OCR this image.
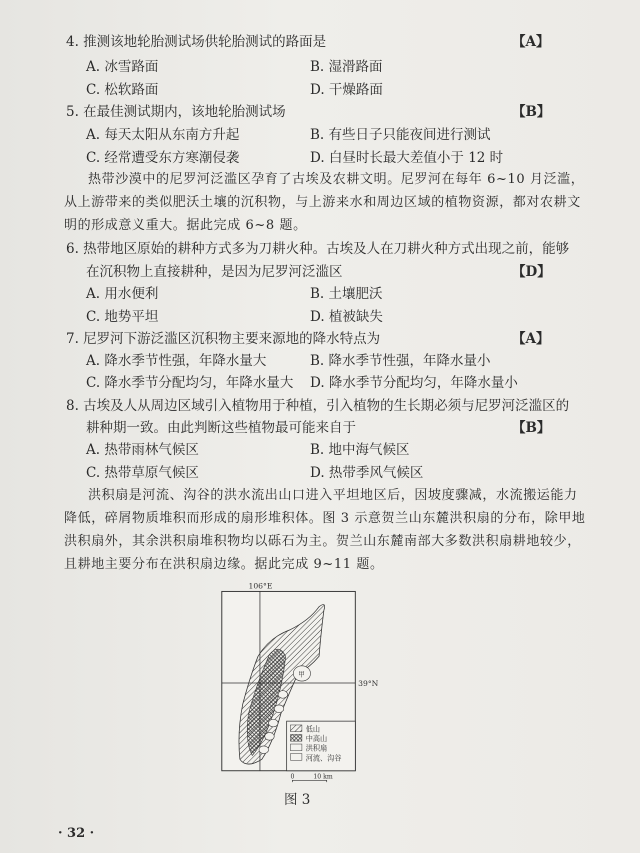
4. 推测该地轮胎测试场供轮胎测试的路面是	【A】
A. 冰雪路面	B. 湿滑路面
C. 松软路面	D. 干燥路面
5. 在最佳测试期内，该地轮胎测试场	【B】
A. 每天太阳从东南方升起	B. 有些日子只能夜间进行测试
C. 经常遭受东方寒潮侵袭	D. 白昼时长最大差值小于 12 时
热带沙漠中的尼罗河泛滥区孕育了古埃及农耕文明。尼罗河在每年 6~10 月泛滥，
从上游带来的类似肥沃土壤的沉积物，与上游来水和周边区域的植物资源，都对农耕文
明的形成意义重大。据此完成 6~8 题。
6. 热带地区原始的耕种方式多为刀耕火种。古埃及人在刀耕火种方式出现之前，能够
在沉积物上直接耕种，是因为尼罗河泛滥区	【D】
A. 用水便利	B. 土壤肥沃
C. 地势平坦	D. 植被缺失
7. 尼罗河下游泛滥区沉积物主要来源地的降水特点为	【A】
A. 降水季节性强，年降水量大	B. 降水季节性强，年降水量小
C. 降水季节分配均匀，年降水量大 D. 降水季节分配均匀，年降水量小
8. 古埃及人从周边区域引入植物用于种植，引入植物的生长期必须与尼罗河泛滥区的
耕种期一致。由此判断这些植物最可能来自于	【B】
A. 热带雨林气候区	B. 地中海气候区
C. 热带草原气候区	D. 热带季风气候区
洪积扇是河流、沟谷的洪水流出山口进入平坦地区后，因坡度骤减，水流搬运能力
降低，碎屑物质堆积而形成的扇形堆积体。图 3 示意贺兰山东麓洪积扇的分布，除甲地
洪积扇外，其余洪积扇堆积物均以砾石为主。贺兰山东麓南部大多数洪积扇耕地较少，
且耕地主要分布在洪积扇边缘。据此完成 9~11 题。
106°E
39°N
甲
低山
中高山
洪积扇
河流、沟谷
0	10 km
图 3
· 32 ·
